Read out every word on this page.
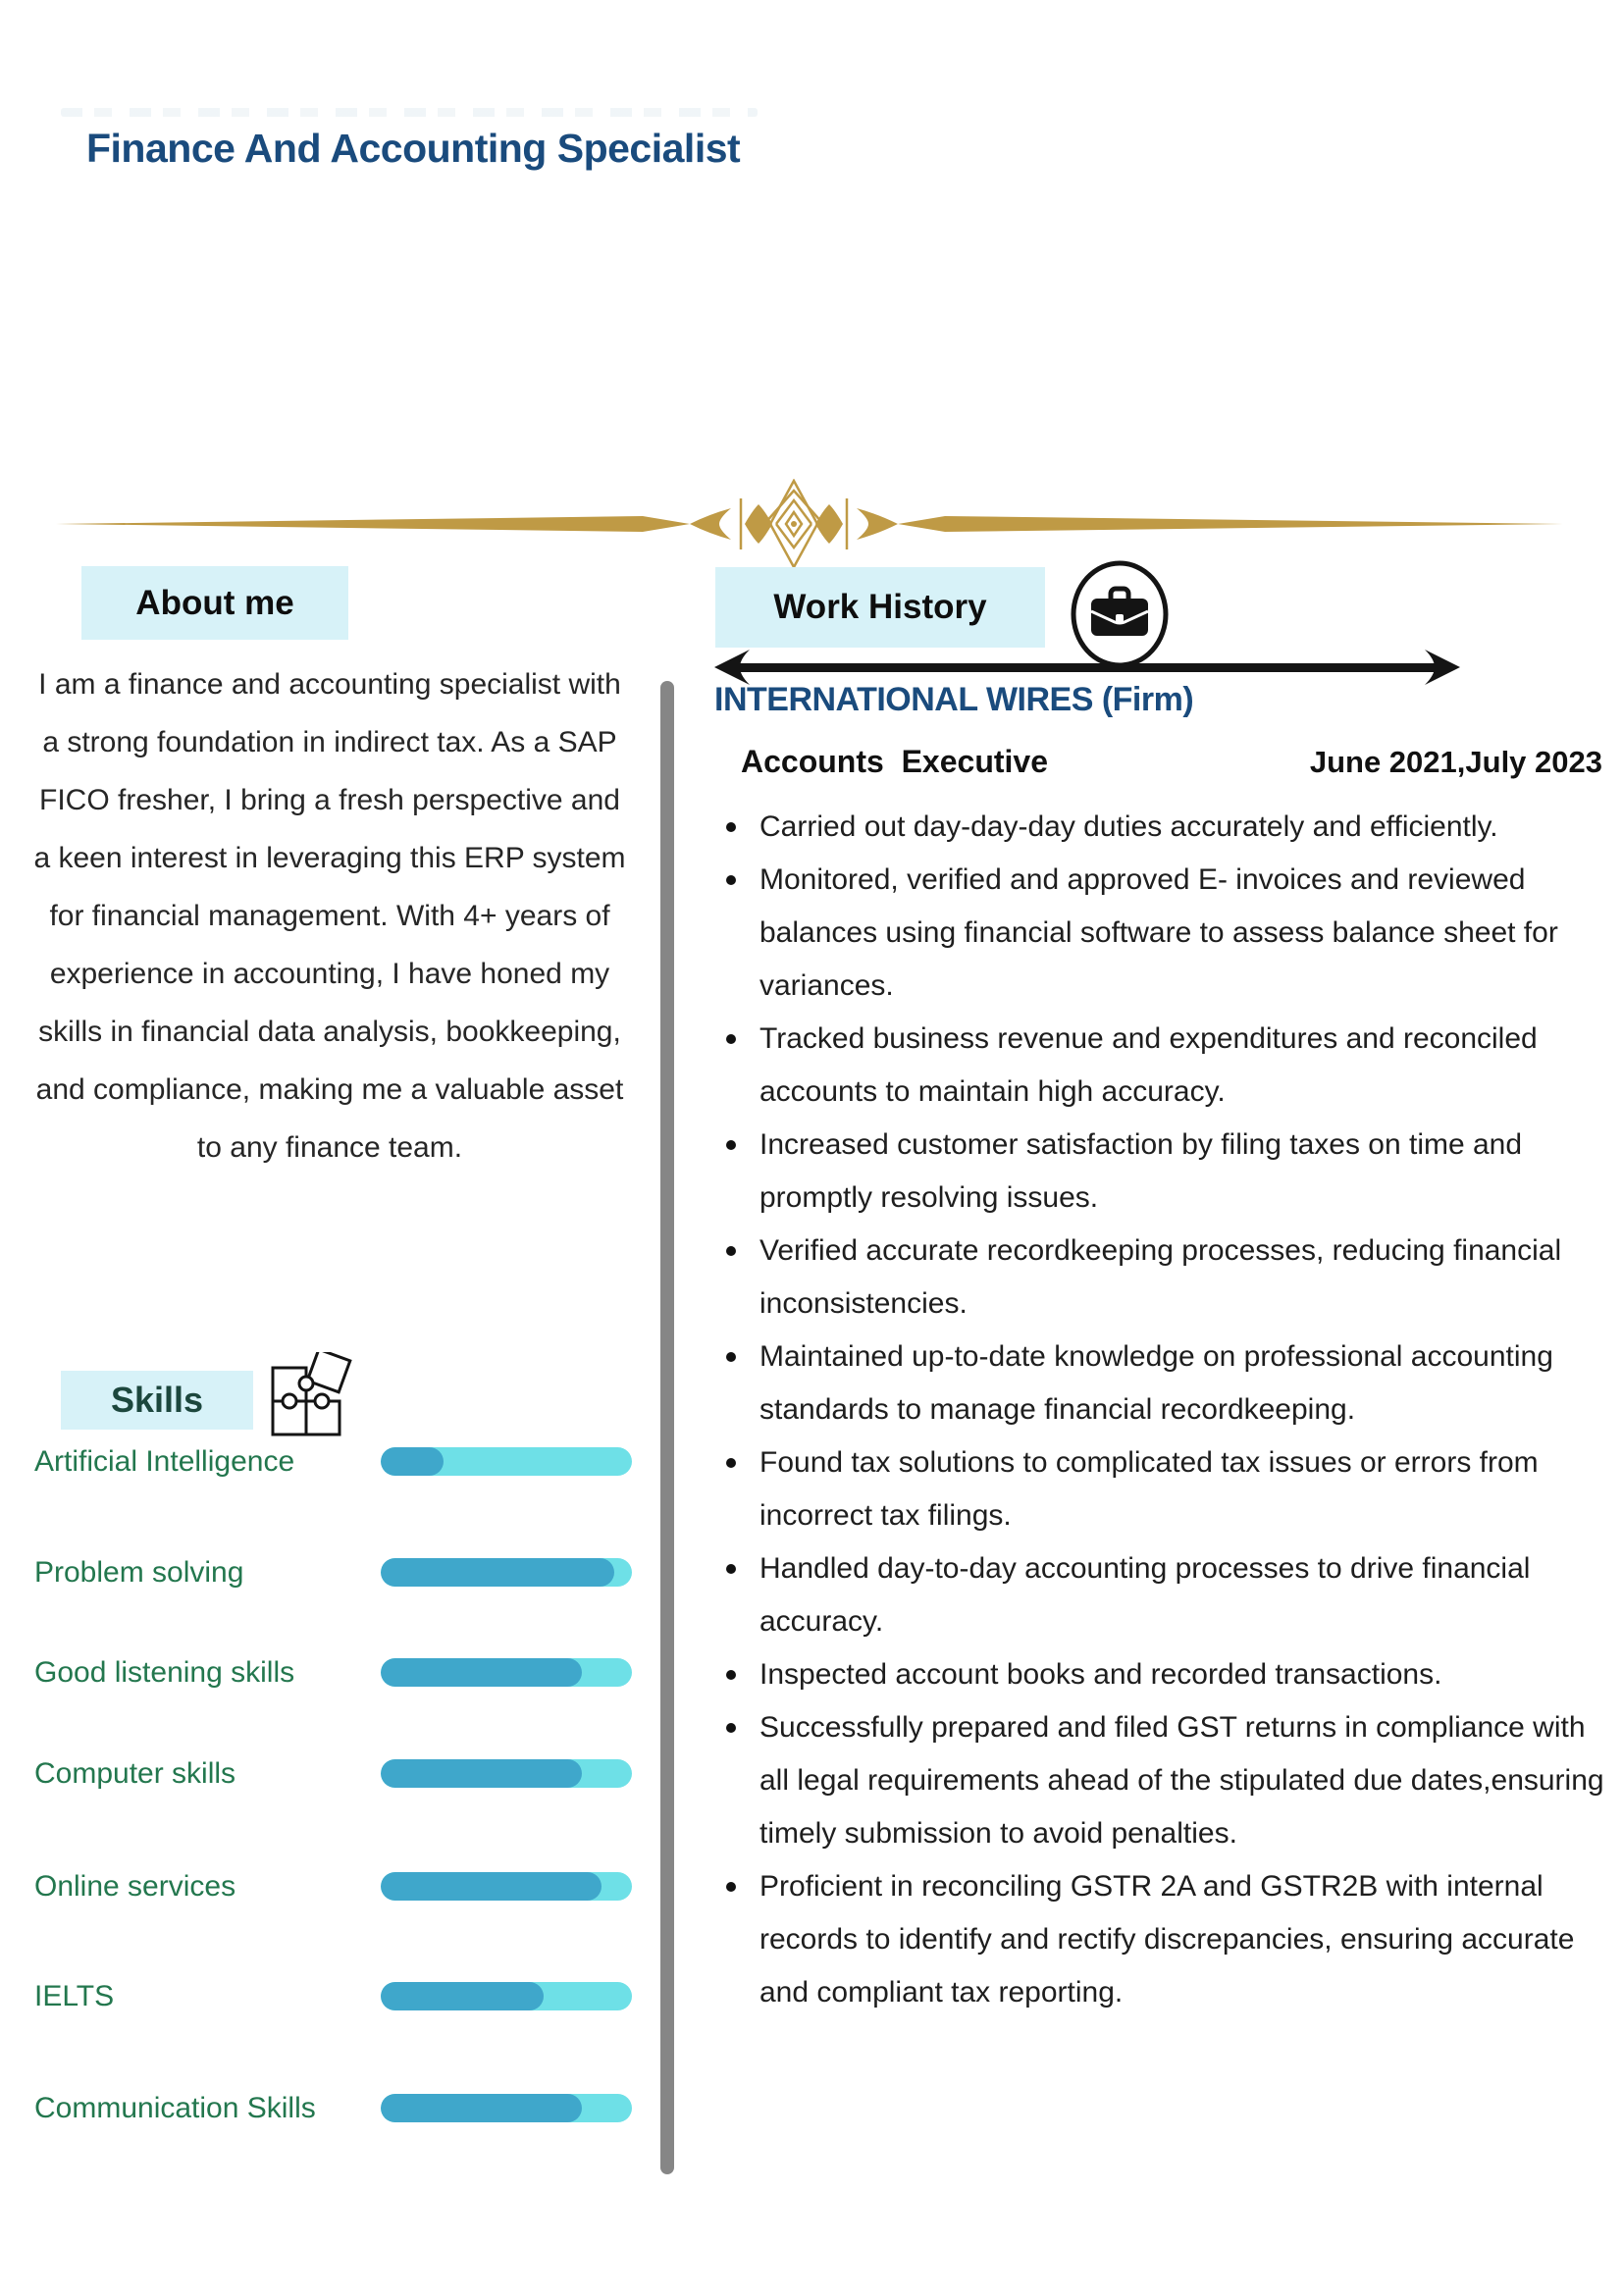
Finance And Accounting Specialist
About me

I am a finance and accounting specialist with a strong foundation in indirect tax. As a SAP FICO fresher, I bring a fresh perspective and a keen interest in leveraging this ERP system for financial management. With 4+ years of experience in accounting, I have honed my skills in financial data analysis, bookkeeping, and compliance, making me a valuable asset  to any finance team.

Skills
Artificial Intelligence
Problem solving
Good listening skills
Computer skills
Online services
IELTS
Communication Skills
Work History
INTERNATIONAL WIRES (Firm)
Accounts  Executive	June 2021,July 2023
Carried out day-day-day duties accurately and efficiently.
Monitored, verified and approved E- invoices and reviewed balances using financial software to assess balance sheet for variances.
Tracked business revenue and expenditures and reconciled accounts to maintain high accuracy.
Increased customer satisfaction by filing taxes on time and promptly resolving issues.
Verified accurate recordkeeping processes, reducing financial inconsistencies.
Maintained up-to-date knowledge on professional accounting standards to manage financial recordkeeping.
Found tax solutions to complicated tax issues or errors from incorrect tax filings.
Handled day-to-day accounting processes to drive financial accuracy.
Inspected account books and recorded transactions.
Successfully prepared and filed GST returns in compliance with all legal requirements ahead of the stipulated due dates,ensuring timely submission to avoid penalties.
Proficient in reconciling GSTR 2A and GSTR2B with internal records to identify and rectify discrepancies, ensuring accurate and compliant tax reporting.
